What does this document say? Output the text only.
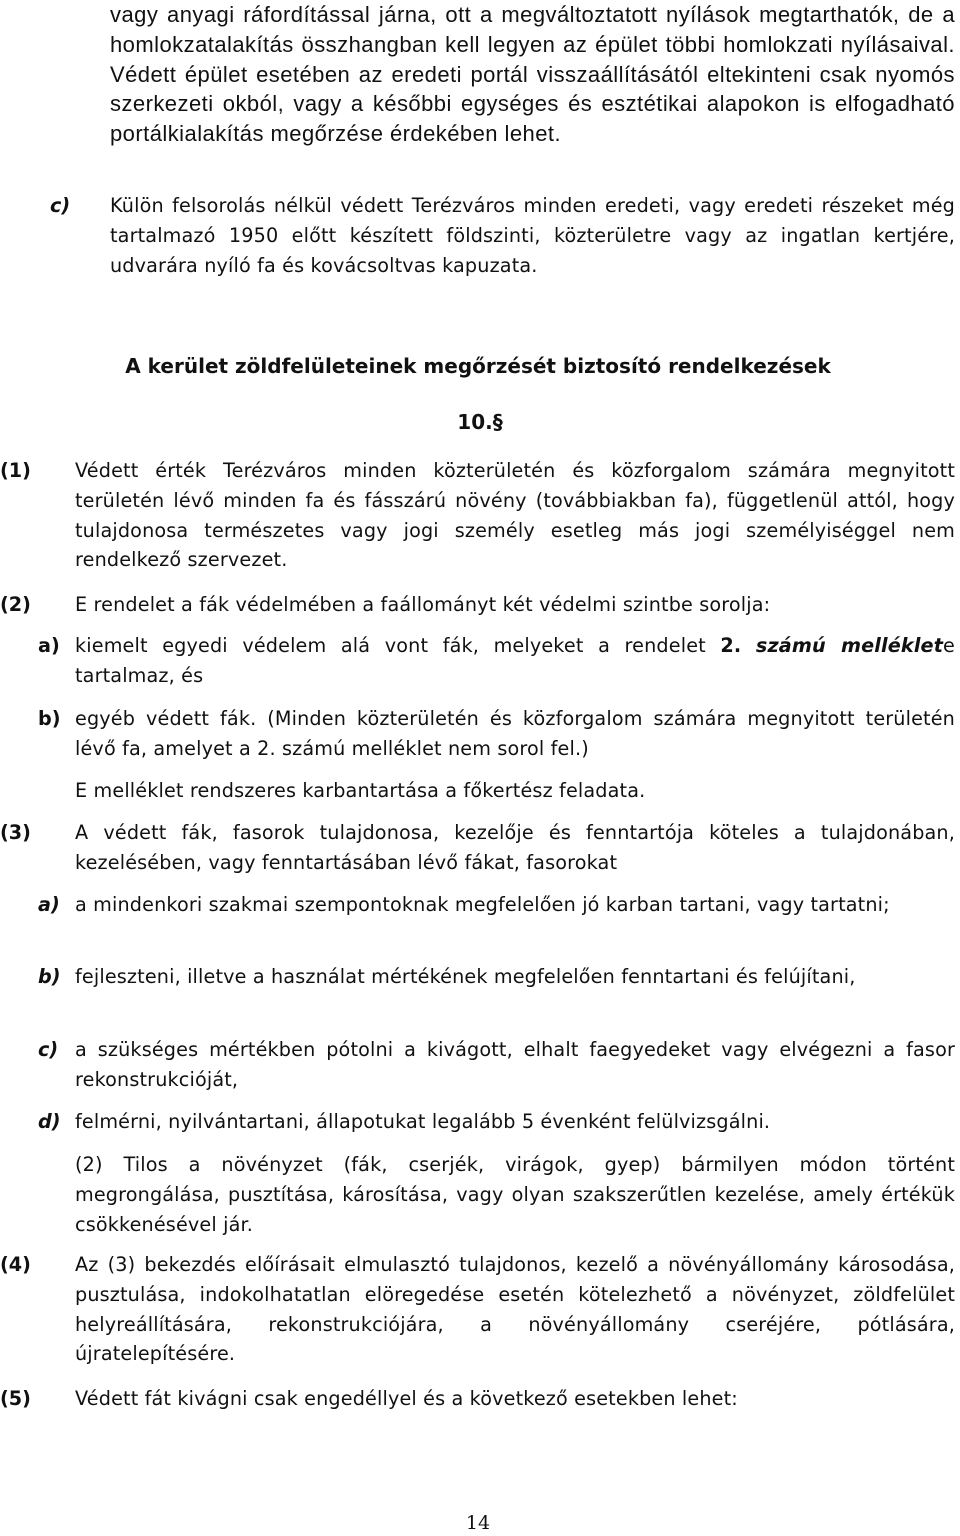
vagy anyagi ráfordítással járna, ott a megváltoztatott nyílások megtarthatók, de a homlokzatalakítás összhangban kell legyen az épület többi homlokzati nyílásaival. Védett épület esetében az eredeti portál visszaállításától eltekinteni csak nyomós szerkezeti okból, vagy a későbbi egységes és esztétikai alapokon is elfogadható portálkialakítás megőrzése érdekében lehet.
c) Külön felsorolás nélkül védett Terézváros minden eredeti, vagy eredeti részeket még tartalmazó 1950 előtt készített földszinti, közterületre vagy az ingatlan kertjére, udvarára nyíló fa és kovácsoltvas kapuzata.
A kerület zöldfelületeinek megőrzését biztosító rendelkezések
10.§
(1) Védett érték Terézváros minden közterületén és közforgalom számára megnyitott területén lévő minden fa és fásszárú növény (továbbiakban fa), függetlenül attól, hogy tulajdonosa természetes vagy jogi személy esetleg más jogi személyiséggel nem rendelkező szervezet.
(2) E rendelet a fák védelmében a faállományt két védelmi szintbe sorolja:
a) kiemelt egyedi védelem alá vont fák, melyeket a rendelet 2. számú melléklete tartalmaz, és
b) egyéb védett fák. (Minden közterületén és közforgalom számára megnyitott területén lévő fa, amelyet a 2. számú melléklet nem sorol fel.)
E melléklet rendszeres karbantartása a főkertész feladata.
(3) A védett fák, fasorok tulajdonosa, kezelője és fenntartója köteles a tulajdonában, kezelésében, vagy fenntartásában lévő fákat, fasorokat
a) a mindenkori szakmai szempontoknak megfelelően jó karban tartani, vagy tartatni;
b) fejleszteni, illetve a használat mértékének megfelelően fenntartani és felújítani,
c) a szükséges mértékben pótolni a kivágott, elhalt faegyedeket vagy elvégezni a fasor rekonstrukcióját,
d) felmérni, nyilvántartani, állapotukat legalább 5 évenként felülvizsgálni.
(2) Tilos a növényzet (fák, cserjék, virágok, gyep) bármilyen módon történt megrongálása, pusztítása, károsítása, vagy olyan szakszerűtlen kezelése, amely értékük csökkenésével jár.
(4) Az (3) bekezdés előírásait elmulasztó tulajdonos, kezelő a növényállomány károsodása, pusztulása, indokolhatatlan elöregedése esetén kötelezhető a növényzet, zöldfelület helyreállítására, rekonstrukciójára, a növényállomány cseréjére, pótlására, újratelepítésére.
(5) Védett fát kivágni csak engedéllyel és a következő esetekben lehet:
14
